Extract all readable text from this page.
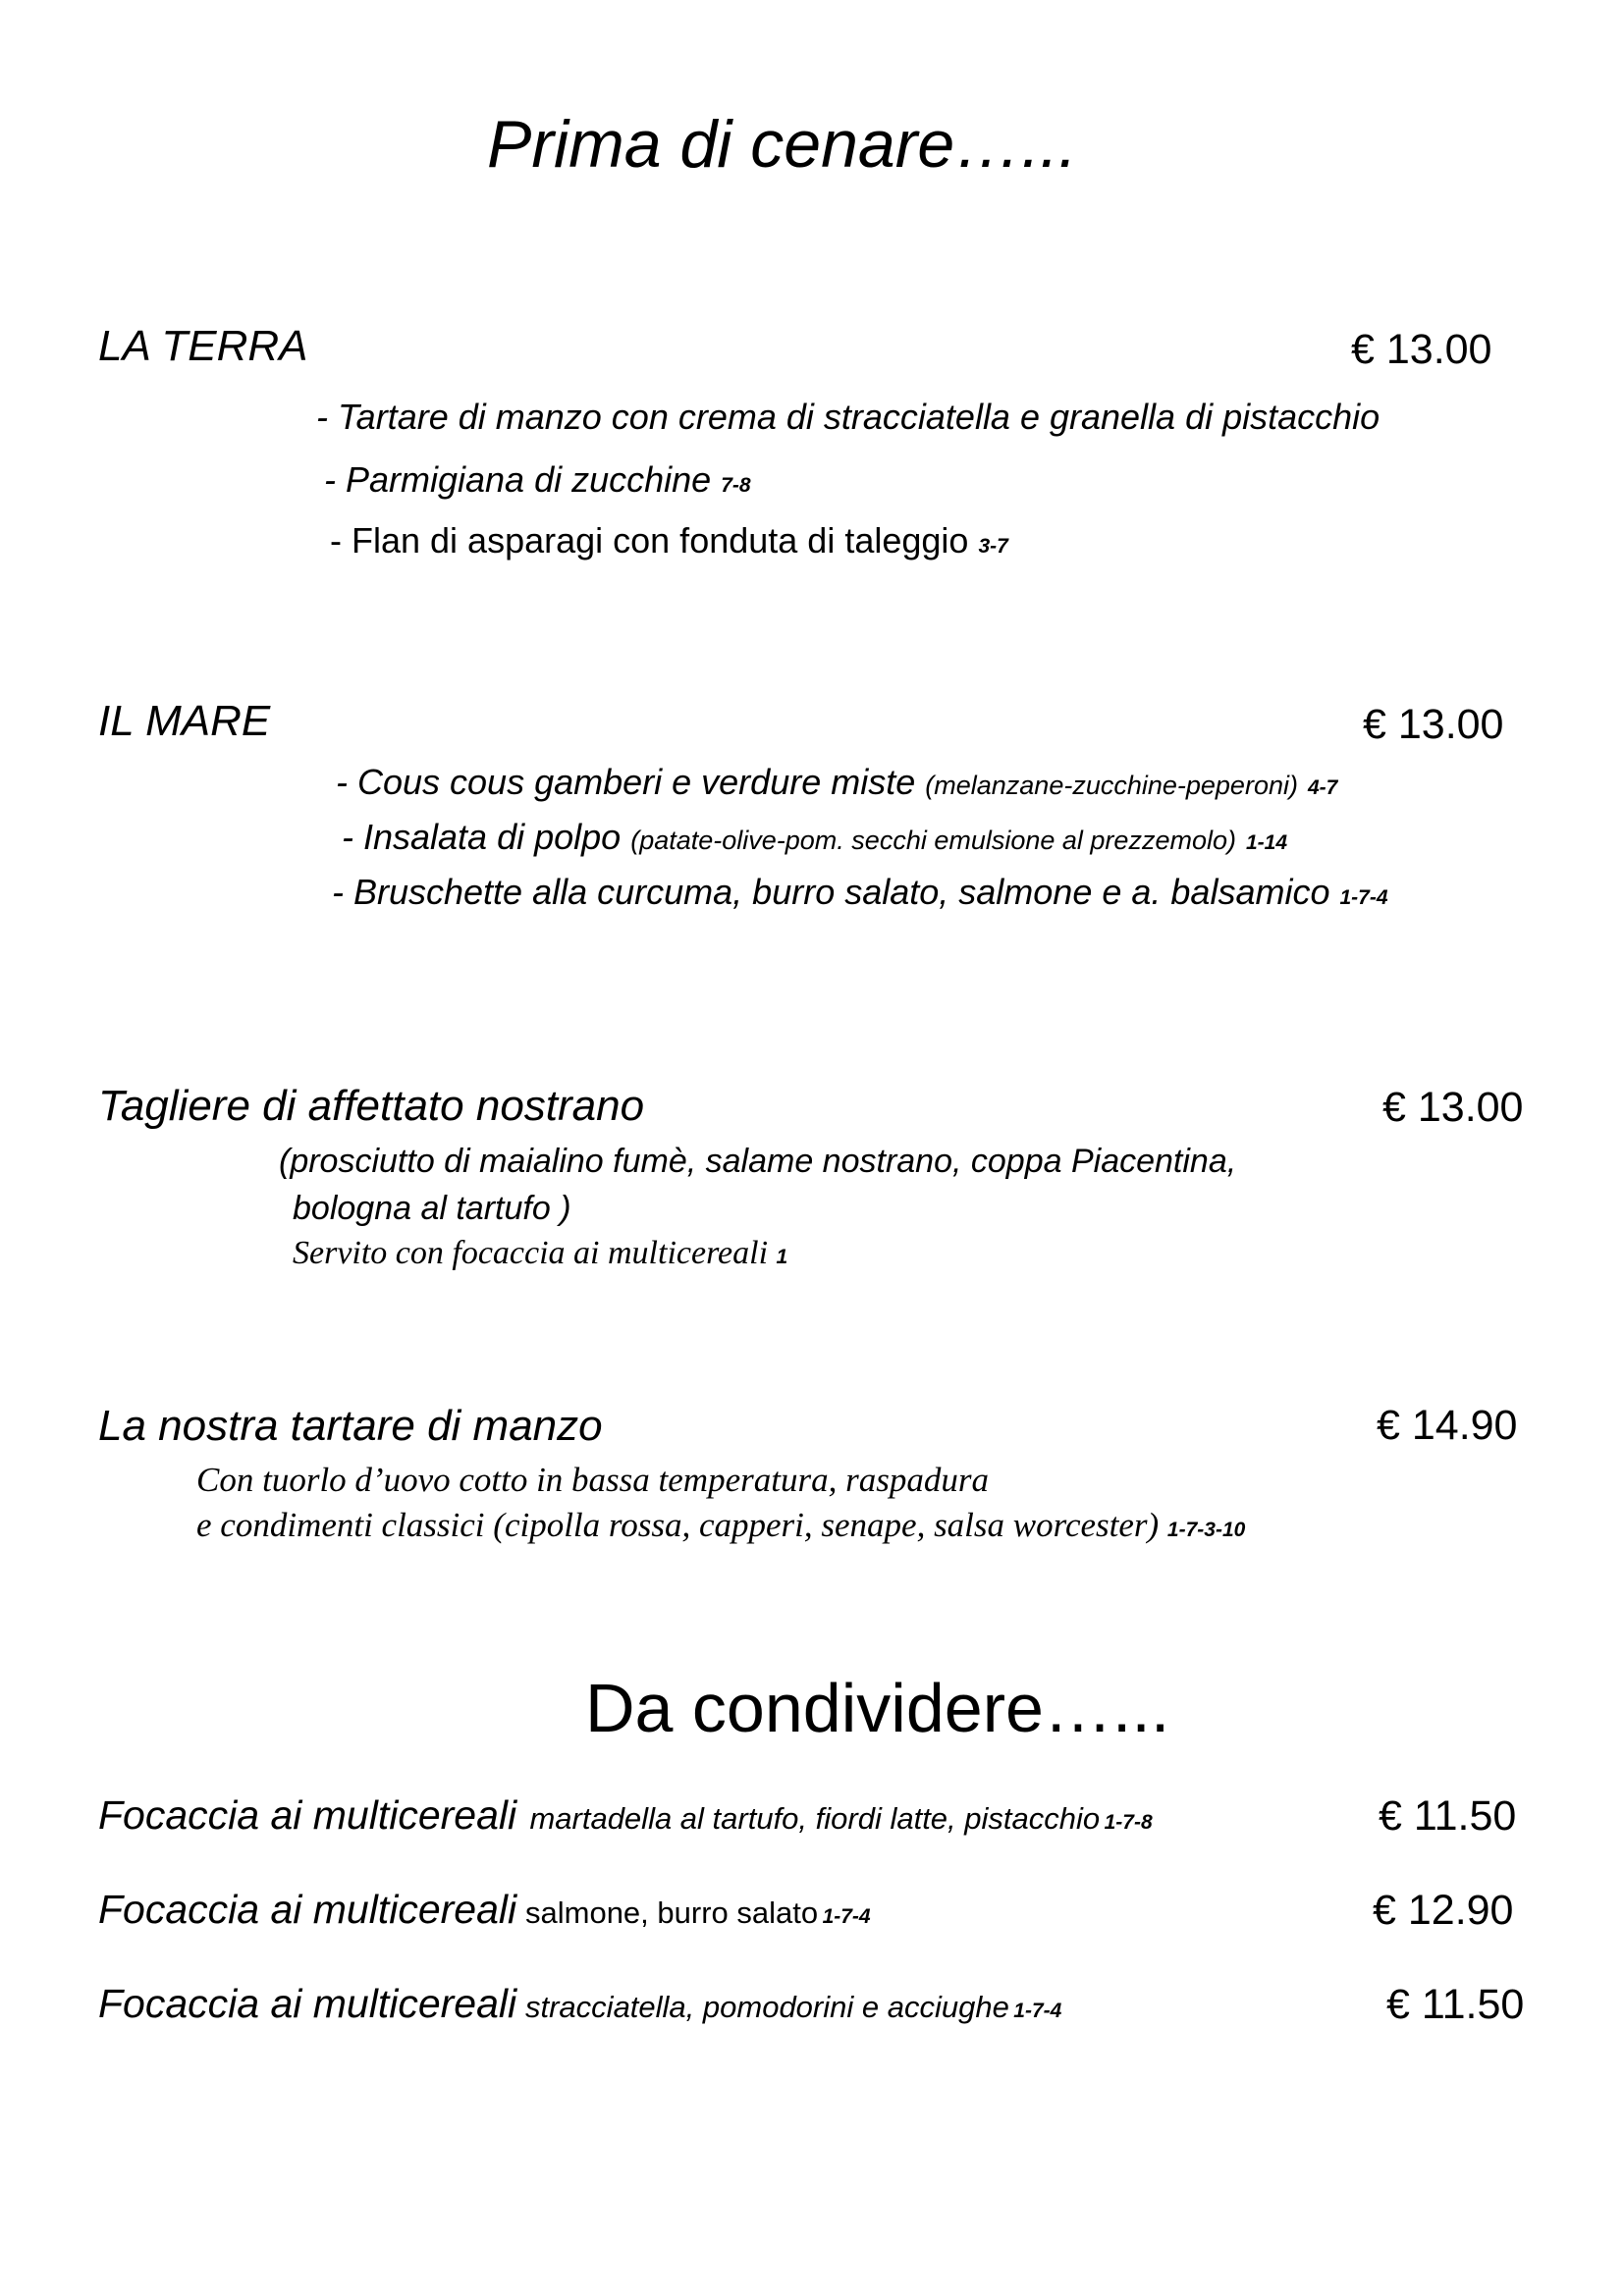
Prima di cenare…...
LA TERRA	€ 13.00
- Tartare di manzo con crema di stracciatella e granella di pistacchio
- Parmigiana di zucchine 7-8
- Flan di asparagi con fonduta di taleggio 3-7
IL MARE	€ 13.00
- Cous cous gamberi e verdure miste (melanzane-zucchine-peperoni) 4-7
- Insalata di polpo (patate-olive-pom. secchi emulsione al prezzemolo) 1-14
- Bruschette alla curcuma, burro salato, salmone e a. balsamico 1-7-4
Tagliere di affettato nostrano	€ 13.00
(prosciutto di maialino fumè, salame nostrano, coppa Piacentina,
bologna al tartufo )
Servito con focaccia ai multicereali 1
La nostra tartare di manzo	€ 14.90
Con tuorlo d’uovo cotto in bassa temperatura, raspadura
e condimenti classici (cipolla rossa, capperi, senape, salsa worcester) 1-7-3-10
Da condividere…...
Focaccia ai multicereali martadella al tartufo, fiordi latte, pistacchio 1-7-8	€ 11.50
Focaccia ai multicereali salmone, burro salato 1-7-4	€ 12.90
Focaccia ai multicereali stracciatella, pomodorini e acciughe 1-7-4	€ 11.50
